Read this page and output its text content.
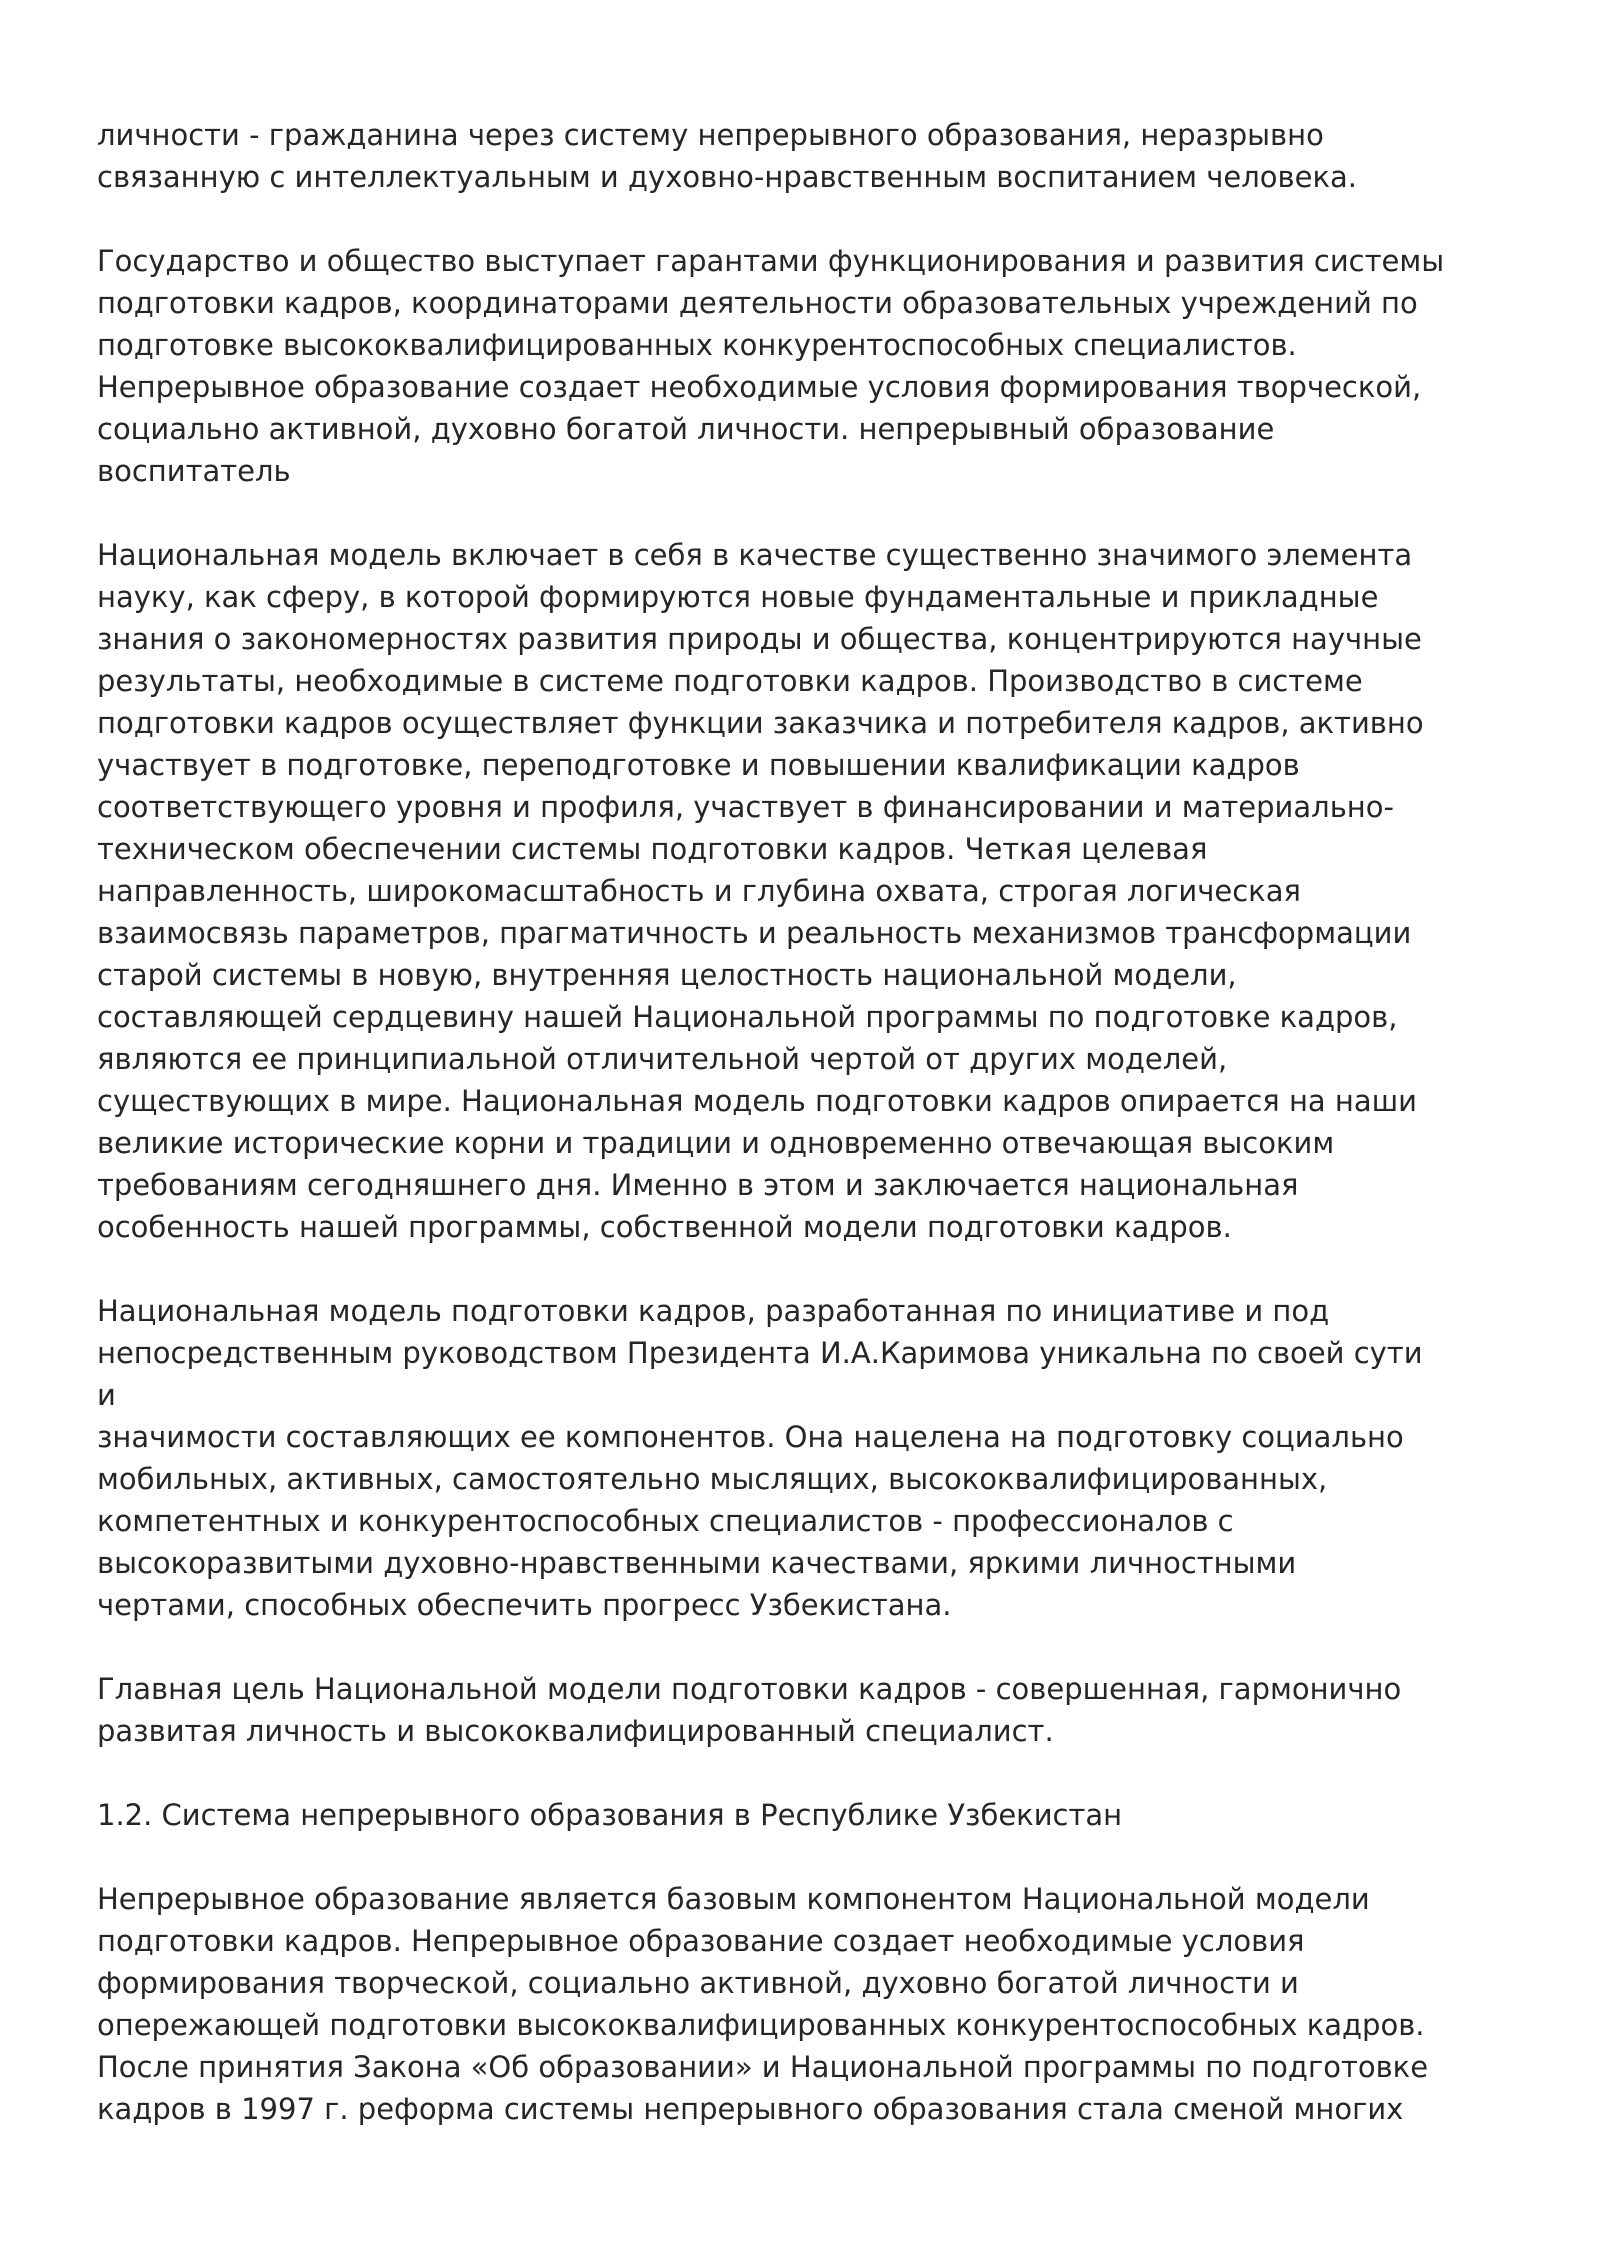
личности - гражданина через систему непрерывного образования, неразрывно
связанную с интеллектуальным и духовно-нравственным воспитанием человека.

Государство и общество выступает гарантами функционирования и развития системы
подготовки кадров, координаторами деятельности образовательных учреждений по
подготовке высококвалифицированных конкурентоспособных специалистов.
Непрерывное образование создает необходимые условия формирования творческой,
социально активной, духовно богатой личности. непрерывный образование
воспитатель

Национальная модель включает в себя в качестве существенно значимого элемента
науку, как сферу, в которой формируются новые фундаментальные и прикладные
знания о закономерностях развития природы и общества, концентрируются научные
результаты, необходимые в системе подготовки кадров. Производство в системе
подготовки кадров осуществляет функции заказчика и потребителя кадров, активно
участвует в подготовке, переподготовке и повышении квалификации кадров
соответствующего уровня и профиля, участвует в финансировании и материально-
техническом обеспечении системы подготовки кадров. Четкая целевая
направленность, широкомасштабность и глубина охвата, строгая логическая
взаимосвязь параметров, прагматичность и реальность механизмов трансформации
старой системы в новую, внутренняя целостность национальной модели,
составляющей сердцевину нашей Национальной программы по подготовке кадров,
являются ее принципиальной отличительной чертой от других моделей,
существующих в мире. Национальная модель подготовки кадров опирается на наши
великие исторические корни и традиции и одновременно отвечающая высоким
требованиям сегодняшнего дня. Именно в этом и заключается национальная
особенность нашей программы, собственной модели подготовки кадров.

Национальная модель подготовки кадров, разработанная по инициативе и под
непосредственным руководством Президента И.А.Каримова уникальна по своей сути и
значимости составляющих ее компонентов. Она нацелена на подготовку социально
мобильных, активных, самостоятельно мыслящих, высококвалифицированных,
компетентных и конкурентоспособных специалистов - профессионалов с
высокоразвитыми духовно-нравственными качествами, яркими личностными
чертами, способных обеспечить прогресс Узбекистана.

Главная цель Национальной модели подготовки кадров - совершенная, гармонично
развитая личность и высококвалифицированный специалист.

1.2. Система непрерывного образования в Республике Узбекистан

Непрерывное образование является базовым компонентом Национальной модели
подготовки кадров. Непрерывное образование создает необходимые условия
формирования творческой, социально активной, духовно богатой личности и
опережающей подготовки высококвалифицированных конкурентоспособных кадров.
После принятия Закона «Об образовании» и Национальной программы по подготовке
кадров в 1997 г. реформа системы непрерывного образования стала сменой многих
